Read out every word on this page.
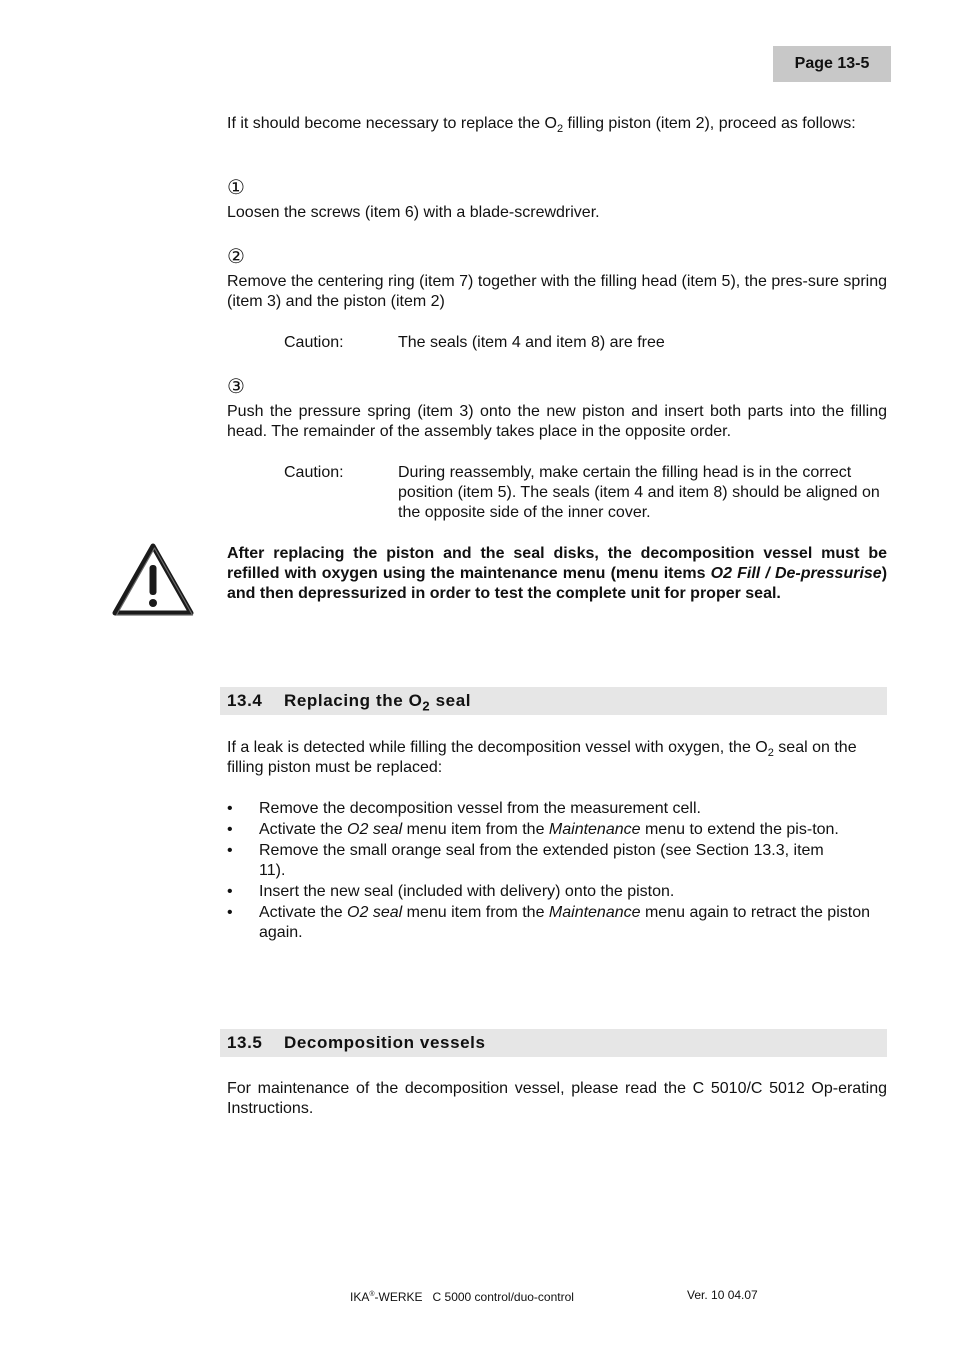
Page 13-5

If it should become necessary to replace the $O_2$ filling piston (item 2), proceed as follows:

①

Loosen the screws (item 6) with a blade-screwdriver.

②

Remove the centering ring (item 7) together with the filling head (item 5), the pres-sure spring (item 3) and the piston (item 2)

Caution:	The seals (item 4 and item 8) are free
③

Push the pressure spring (item 3) onto the new piston and insert both parts into the filling head. The remainder of the assembly takes place in the opposite order.

Caution:	During reassembly, make certain the filling head is in the correct position (item 5). The seals (item 4 and item 8) should be aligned on the opposite side of the inner cover.

After replacing the piston and the seal disks, the decomposition vessel must be refilled with oxygen using the maintenance menu (menu items O2 Fill / De-pressurise) and then depressurized in order to test the complete unit for proper seal.

13.4	Replacing the $O_2$ seal

If a leak is detected while filling the decomposition vessel with oxygen, the $O_2$ seal on the filling piston must be replaced:

• Remove the decomposition vessel from the measurement cell.
• Activate the O2 seal menu item from the Maintenance menu to extend the pis-ton.
• Remove the small orange seal from the extended piston (see Section 13.3, item 11).
• Insert the new seal (included with delivery) onto the piston.
• Activate the O2 seal menu item from the Maintenance menu again to retract the piston again.
13.5	Decomposition vessels

For maintenance of the decomposition vessel, please read the C 5010/C 5012 Op-erating Instructions.

IKA®-WERKE   C 5000 control/duo-control	Ver. 10 04.07
